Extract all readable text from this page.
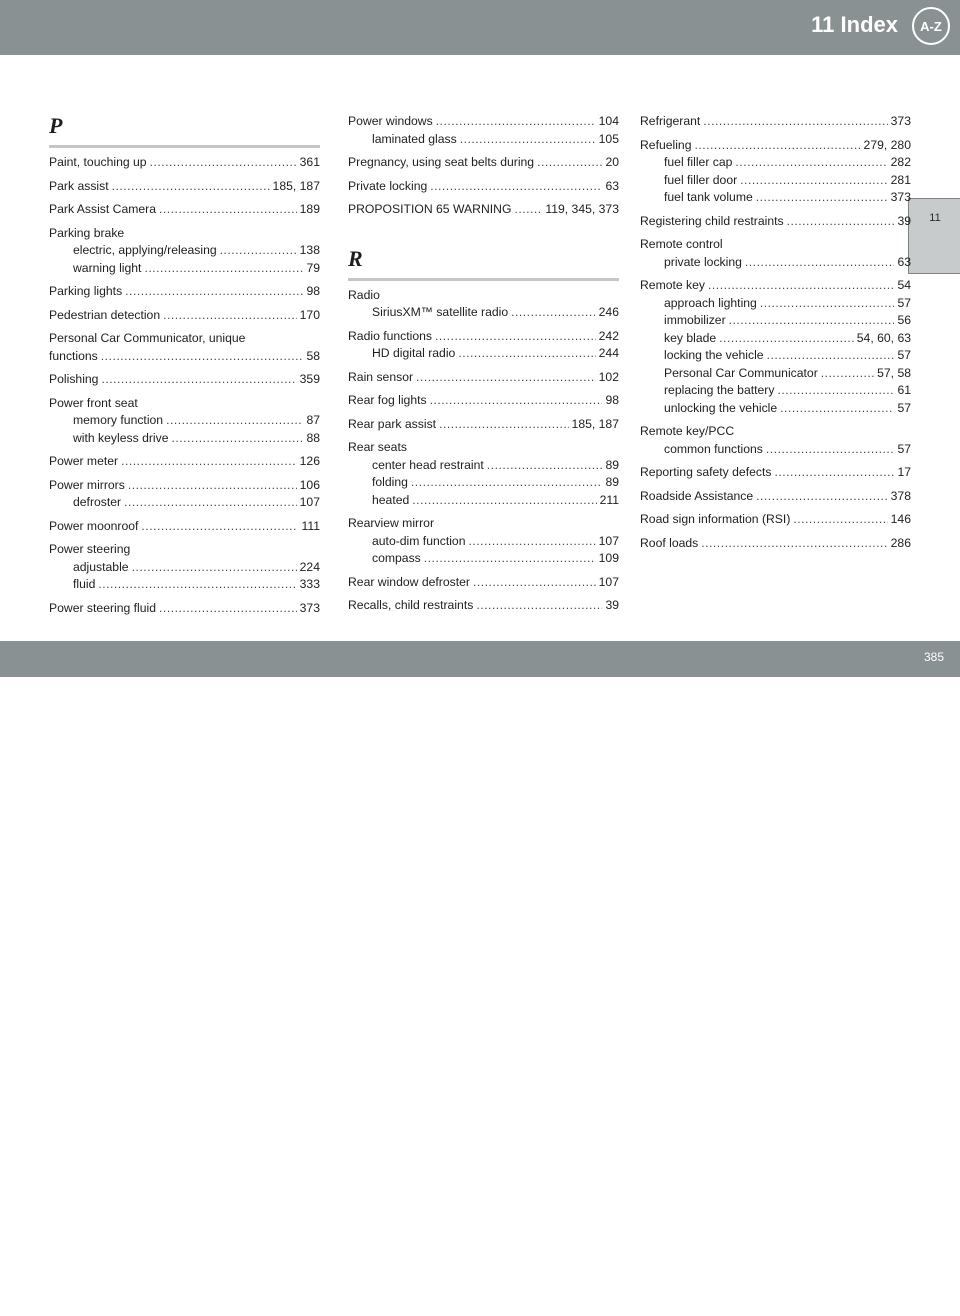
11 Index A-Z
11
P
Paint, touching up .....	361
Park assist .....	185, 187
Park Assist Camera .....	189
Parking brake
electric, applying/releasing .....	138
warning light .....	79
Parking lights .....	98
Pedestrian detection .....	170
Personal Car Communicator, unique
functions .....	58
Polishing .....	359
Power front seat
memory function .....	87
with keyless drive .....	88
Power meter .....	126
Power mirrors .....	106
defroster .....	107
Power moonroof .....	111
Power steering
adjustable .....	224
fluid .....	333
Power steering fluid .....	373
Power windows .....	104
laminated glass .....	105
Pregnancy, using seat belts during .....	20
Private locking .....	63
PROPOSITION 65 WARNING .....	119, 345, 373
R
Radio
SiriusXM™ satellite radio .....	246
Radio functions .....	242
HD digital radio .....	244
Rain sensor .....	102
Rear fog lights .....	98
Rear park assist .....	185, 187
Rear seats
center head restraint .....	89
folding .....	89
heated .....	211
Rearview mirror
auto-dim function .....	107
compass .....	109
Rear window defroster .....	107
Recalls, child restraints .....	39
Refrigerant .....	373
Refueling .....	279, 280
fuel filler cap .....	282
fuel filler door .....	281
fuel tank volume .....	373
Registering child restraints .....	39
Remote control
private locking .....	63
Remote key .....	54
approach lighting .....	57
immobilizer .....	56
key blade .....	54, 60, 63
locking the vehicle .....	57
Personal Car Communicator .....	57, 58
replacing the battery .....	61
unlocking the vehicle .....	57
Remote key/PCC
common functions .....	57
Reporting safety defects .....	17
Roadside Assistance .....	378
Road sign information (RSI) .....	146
Roof loads .....	286
carmanualsonline.info
385
